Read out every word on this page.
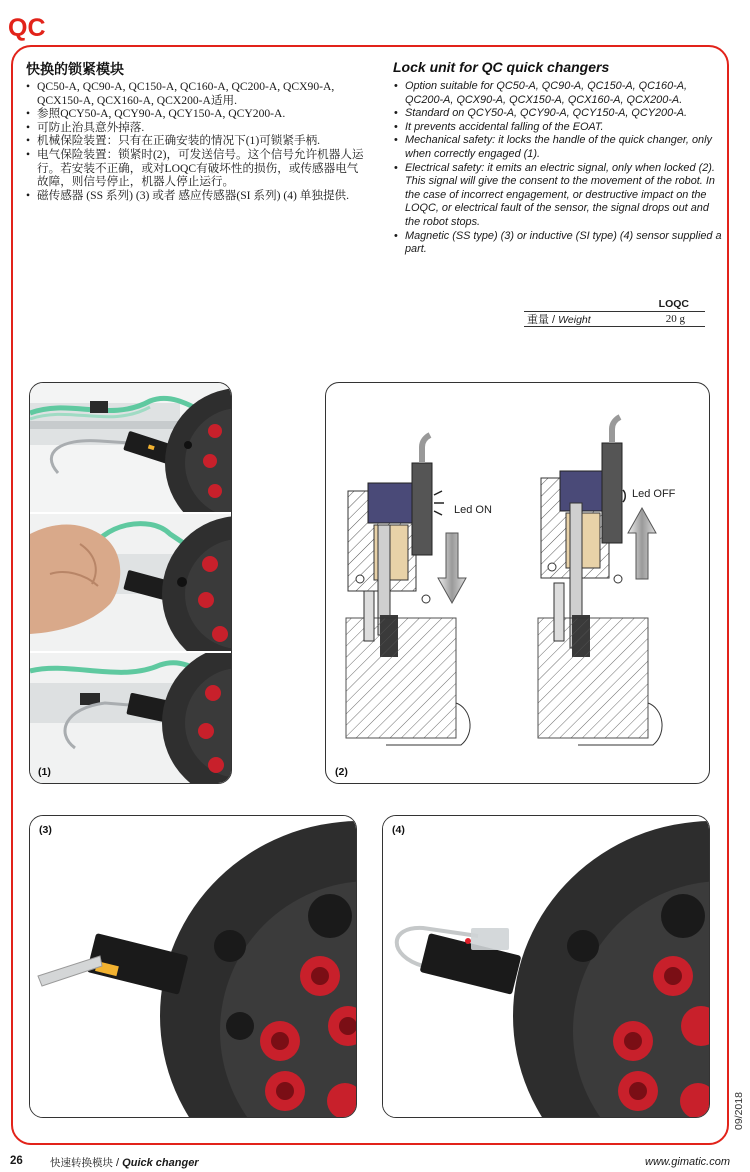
QC
快换的锁紧模块
• QC50-A, QC90-A, QC150-A, QC160-A, QC200-A, QCX90-A, QCX150-A, QCX160-A, QCX200-A适用.
• 参照QCY50-A, QCY90-A, QCY150-A, QCY200-A.
• 可防止治具意外掉落.
• 机械保险装置：只有在正确安装的情况下(1)可锁紧手柄.
• 电气保险装置：锁紧时(2)，可发送信号。这个信号允许机器人运行。若安装不正确，或对LOQC有破坏性的损伤，或传感器电气故障，则信号停止，机器人停止运行。
• 磁传感器 (SS 系列) (3) 或者 感应传感器(SI 系列) (4) 单独提供.
Lock unit for QC quick changers
• Option suitable for QC50-A, QC90-A, QC150-A, QC160-A, QC200-A, QCX90-A, QCX150-A, QCX160-A, QCX200-A.
• Standard on QCY50-A, QCY90-A, QCY150-A, QCY200-A.
• It prevents accidental falling of the EOAT.
• Mechanical safety: it locks the handle of the quick changer, only when correctly engaged (1).
• Electrical safety: it emits an electric signal, only when locked (2). This signal will give the consent to the movement of the robot. In the case of incorrect engagement, or destructive impact on the LOQC, or electrical fault of the sensor, the signal drops out and the robot stops.
• Magnetic (SS type) (3) or inductive (SI type) (4) sensor supplied a part.
LOQC
重量 / Weight	20 g
(1)
Led ON
Led OFF
(2)
(3)	(4)
26	快速转换模块 / Quick changer	www.gimatic.com
09/2018
